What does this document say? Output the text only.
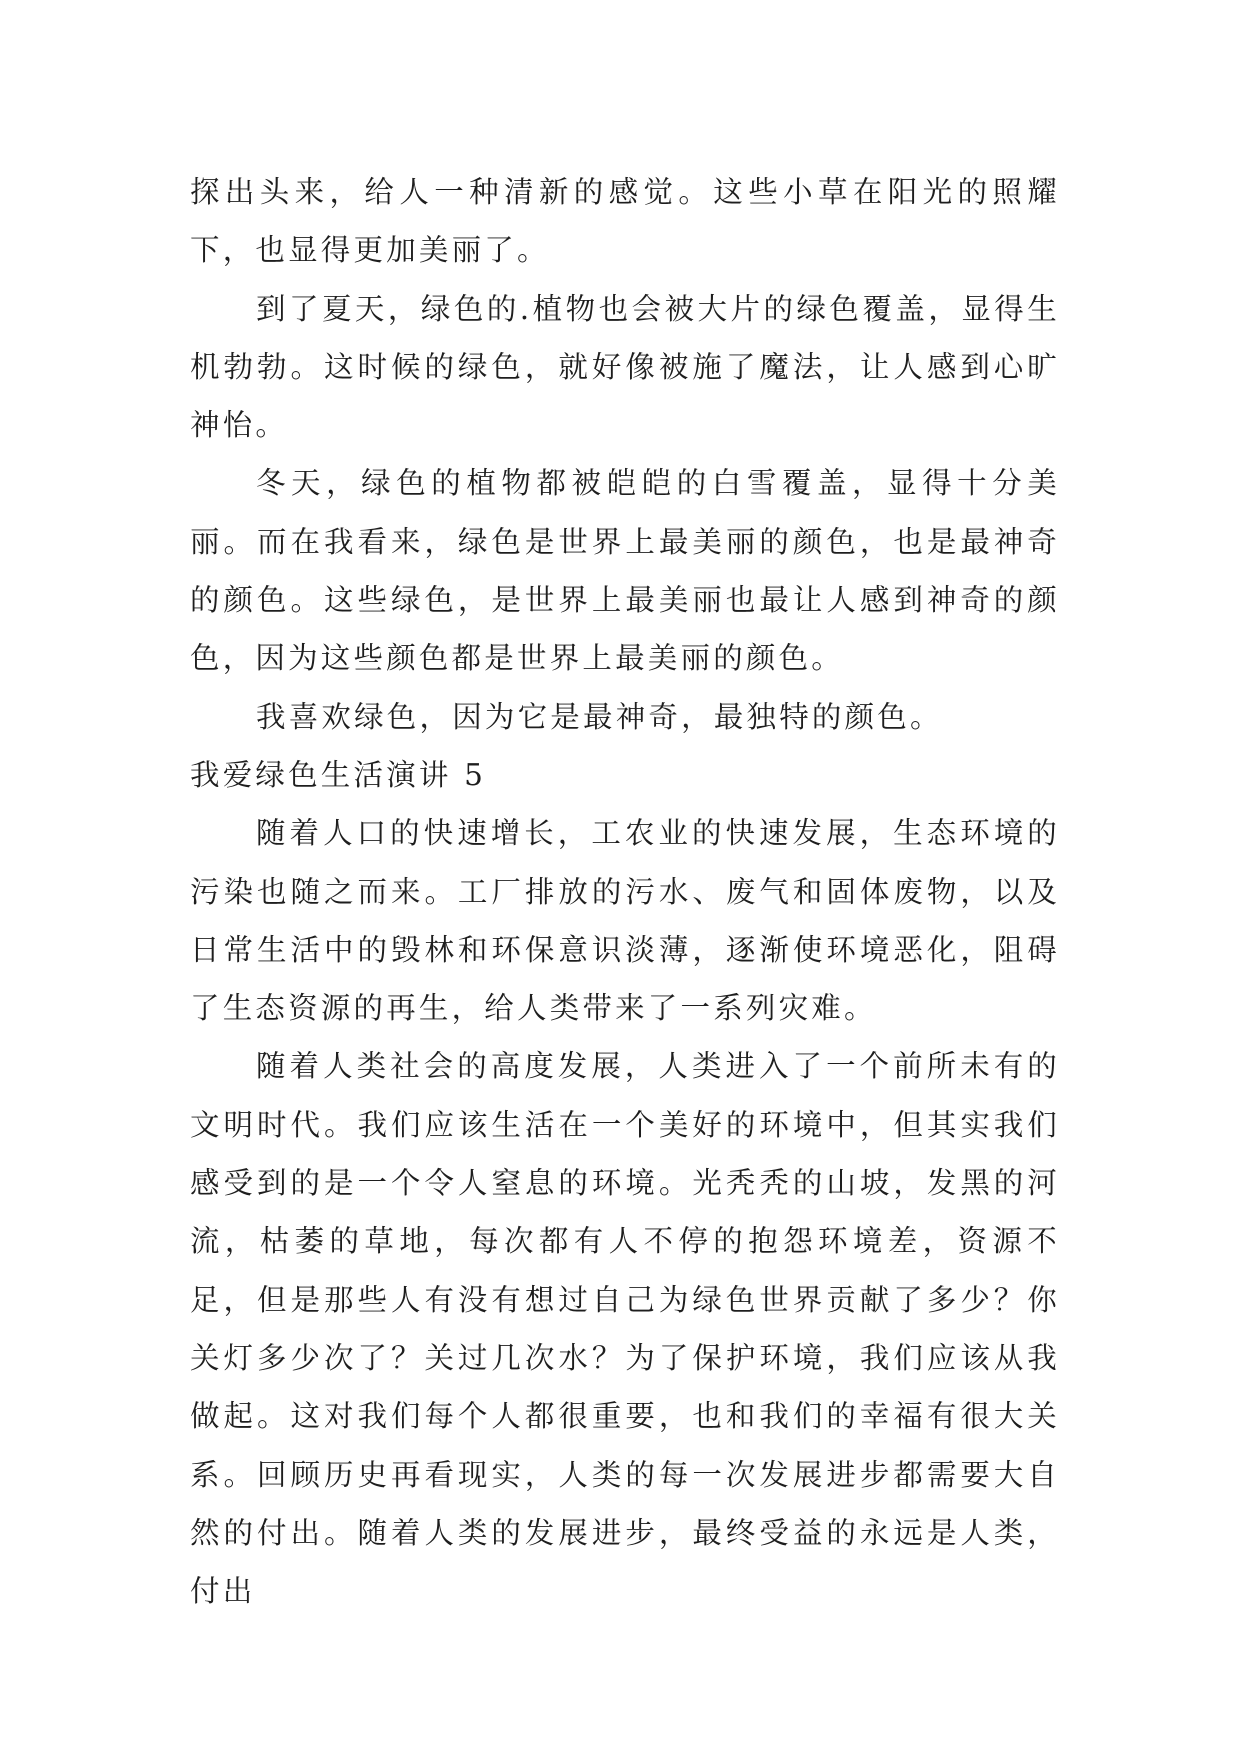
探出头来，给人一种清新的感觉。这些小草在阳光的照耀下，也显得更加美丽了。

到了夏天，绿色的.植物也会被大片的绿色覆盖，显得生机勃勃。这时候的绿色，就好像被施了魔法，让人感到心旷神怡。

冬天，绿色的植物都被皑皑的白雪覆盖，显得十分美丽。而在我看来，绿色是世界上最美丽的颜色，也是最神奇的颜色。这些绿色，是世界上最美丽也最让人感到神奇的颜色，因为这些颜色都是世界上最美丽的颜色。

我喜欢绿色，因为它是最神奇，最独特的颜色。

我爱绿色生活演讲 5

随着人口的快速增长，工农业的快速发展，生态环境的污染也随之而来。工厂排放的污水、废气和固体废物，以及日常生活中的毁林和环保意识淡薄，逐渐使环境恶化，阻碍了生态资源的再生，给人类带来了一系列灾难。

随着人类社会的高度发展，人类进入了一个前所未有的文明时代。我们应该生活在一个美好的环境中，但其实我们感受到的是一个令人窒息的环境。光秃秃的山坡，发黑的河流，枯萎的草地，每次都有人不停的抱怨环境差，资源不足，但是那些人有没有想过自己为绿色世界贡献了多少？你关灯多少次了？关过几次水？为了保护环境，我们应该从我做起。这对我们每个人都很重要，也和我们的幸福有很大关系。回顾历史再看现实，人类的每一次发展进步都需要大自然的付出。随着人类的发展进步，最终受益的永远是人类，付出
